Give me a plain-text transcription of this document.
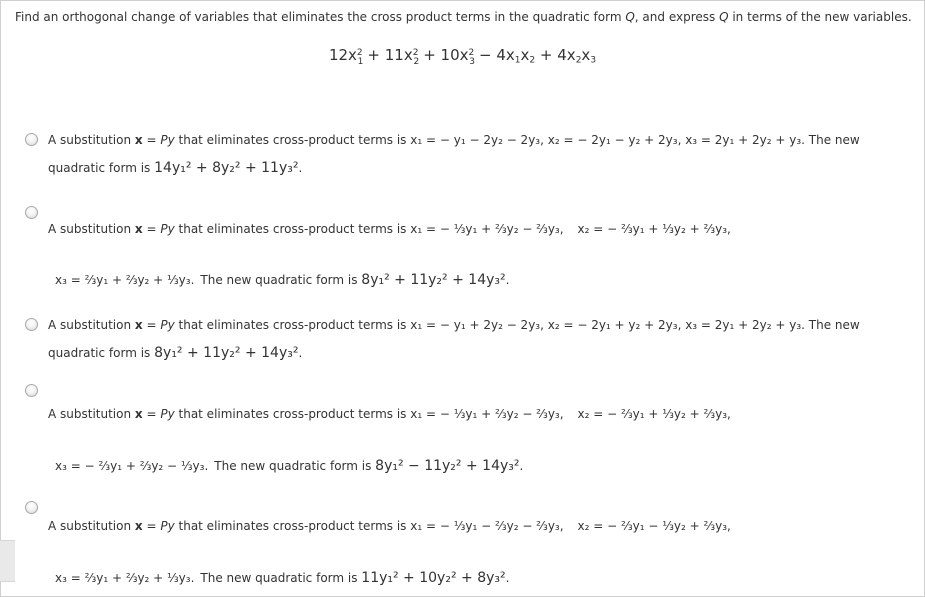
Find an orthogonal change of variables that eliminates the cross product terms in the quadratic form Q, and express Q in terms of the new variables.
$12x^21 + 11x^22 + 10x^23 - 4x_1x_2 + 4x_2x_3$
A substitution x = Py that eliminates cross-product terms is x₁ = − y₁ − 2y₂ − 2y₃, x₂ = − 2y₁ − y₂ + 2y₃, x₃ = 2y₁ + 2y₂ + y₃. The new
quadratic form is 14y₁² + 8y₂² + 11y₃².
A substitution x = Py that eliminates cross-product terms is x₁ = − ⅓y₁ + ⅔y₂ − ⅔y₃, x₂ = − ⅔y₁ + ⅓y₂ + ⅔y₃,
x₃ = ⅔y₁ + ⅔y₂ + ⅓y₃. The new quadratic form is 8y₁² + 11y₂² + 14y₃².
A substitution x = Py that eliminates cross-product terms is x₁ = − y₁ + 2y₂ − 2y₃, x₂ = − 2y₁ + y₂ + 2y₃, x₃ = 2y₁ + 2y₂ + y₃. The new
quadratic form is 8y₁² + 11y₂² + 14y₃².
A substitution x = Py that eliminates cross-product terms is x₁ = − ⅓y₁ + ⅔y₂ − ⅔y₃, x₂ = − ⅔y₁ + ⅓y₂ + ⅔y₃,
x₃ = − ⅔y₁ + ⅔y₂ − ⅓y₃. The new quadratic form is 8y₁² − 11y₂² + 14y₃².
A substitution x = Py that eliminates cross-product terms is x₁ = − ⅓y₁ − ⅔y₂ − ⅔y₃, x₂ = − ⅔y₁ − ⅓y₂ + ⅔y₃,
x₃ = ⅔y₁ + ⅔y₂ + ⅓y₃. The new quadratic form is 11y₁² + 10y₂² + 8y₃².
